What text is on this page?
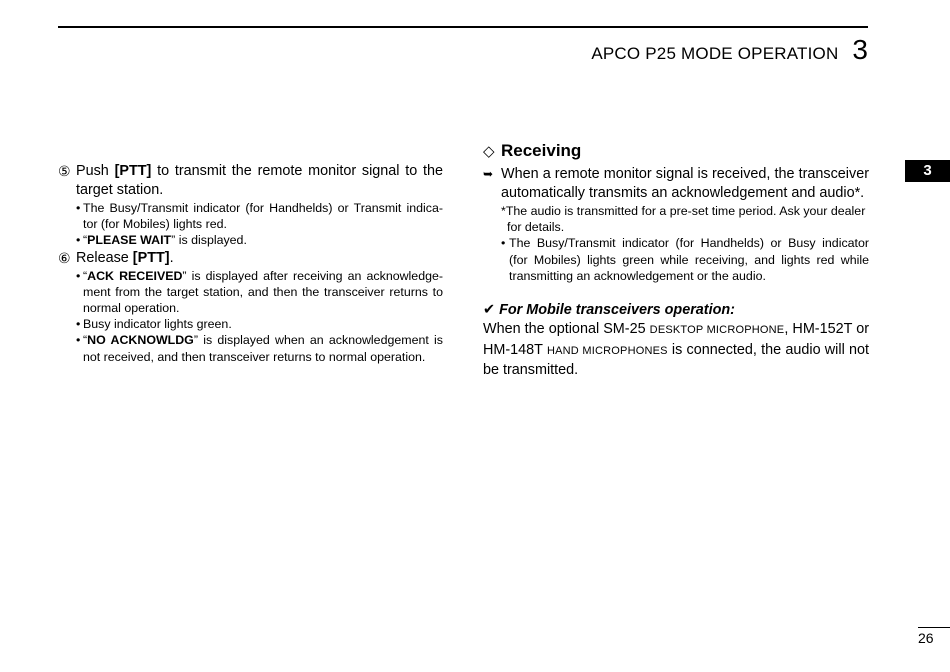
APCO P25 MODE OPERATION 3
3
⑤ Push [PTT] to transmit the remote monitor signal to the target station.
• The Busy/Transmit indicator (for Handhelds) or Transmit indica-tor (for Mobiles) lights red.
• “PLEASE WAIT” is displayed.
⑥ Release [PTT].
• “ACK RECEIVED” is displayed after receiving an acknowledge-ment from the target station, and then the transceiver returns to normal operation.
• Busy indicator lights green.
• “NO ACKNOWLDG” is displayed when an acknowledgement is not received, and then transceiver returns to normal operation.
◇ Receiving
➥ When a remote monitor signal is received, the transceiver automatically transmits an acknowledgement and audio*.
*The audio is transmitted for a pre-set time period. Ask your dealer
for details.
• The Busy/Transmit indicator (for Handhelds) or Busy indicator (for Mobiles) lights green while receiving, and lights red while transmitting an acknowledgement or the audio.
✔ For Mobile transceivers operation:
When the optional SM-25 DESKTOP MICROPHONE, HM-152T or HM-148T HAND MICROPHONES is connected, the audio will not be transmitted.
26
